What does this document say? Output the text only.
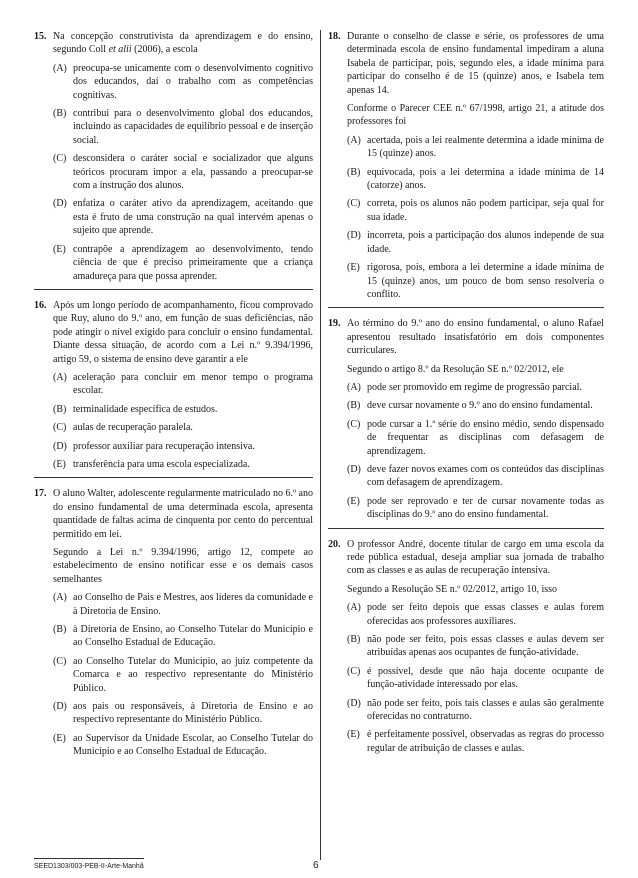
15. Na concepção construtivista da aprendizagem e do ensino, segundo Coll et alii (2006), a escola

(A) preocupa-se unicamente com o desenvolvimento cognitivo dos educandos, daí o trabalho com as competências cognitivas.
(B) contribui para o desenvolvimento global dos educandos, incluindo as capacidades de equilíbrio pessoal e de inserção social.
(C) desconsidera o caráter social e socializador que alguns teóricos procuram impor a ela, passando a preocupar-se com a instrução dos alunos.
(D) enfatiza o caráter ativo da aprendizagem, aceitando que esta é fruto de uma construção na qual intervém apenas o sujeito que aprende.
(E) contrapõe a aprendizagem ao desenvolvimento, tendo ciência de que é preciso primeiramente que a criança amadureça para que possa aprender.
16. Após um longo período de acompanhamento, ficou comprovado que Ruy, aluno do 9.º ano, em função de suas deficiências, não pode atingir o nível exigido para concluir o ensino fundamental. Diante dessa situação, de acordo com a Lei n.º 9.394/1996, artigo 59, o sistema de ensino deve garantir a ele

(A) aceleração para concluir em menor tempo o programa escolar.
(B) terminalidade específica de estudos.
(C) aulas de recuperação paralela.
(D) professor auxiliar para recuperação intensiva.
(E) transferência para uma escola especializada.
17. O aluno Walter, adolescente regularmente matriculado no 6.º ano do ensino fundamental de uma determinada escola, apresenta quantidade de faltas acima de cinquenta por cento do percentual permitido em lei.

Segundo a Lei n.º 9.394/1996, artigo 12, compete ao estabelecimento de ensino notificar esse e os demais casos semelhantes

(A) ao Conselho de Pais e Mestres, aos líderes da comunidade e à Diretoria de Ensino.
(B) à Diretoria de Ensino, ao Conselho Tutelar do Município e ao Conselho Estadual de Educação.
(C) ao Conselho Tutelar do Município, ao juiz competente da Comarca e ao respectivo representante do Ministério Público.
(D) aos pais ou responsáveis, à Diretoria de Ensino e ao respectivo representante do Ministério Público.
(E) ao Supervisor da Unidade Escolar, ao Conselho Tutelar do Município e ao Conselho Estadual de Educação.
18. Durante o conselho de classe e série, os professores de uma determinada escola de ensino fundamental impediram a aluna Isabela de participar, pois, segundo eles, a idade mínima para participar do conselho é de 15 (quinze) anos, e Isabela tem apenas 14.

Conforme o Parecer CEE n.º 67/1998, artigo 21, a atitude dos professores foi

(A) acertada, pois a lei realmente determina a idade mínima de 15 (quinze) anos.
(B) equivocada, pois a lei determina a idade mínima de 14 (catorze) anos.
(C) correta, pois os alunos não podem participar, seja qual for sua idade.
(D) incorreta, pois a participação dos alunos independe de sua idade.
(E) rigorosa, pois, embora a lei determine a idade mínima de 15 (quinze) anos, um pouco de bom senso resolveria o conflito.
19. Ao término do 9.º ano do ensino fundamental, o aluno Rafael apresentou resultado insatisfatório em dois componentes curriculares.

Segundo o artigo 8.º da Resolução SE n.º 02/2012, ele

(A) pode ser promovido em regime de progressão parcial.
(B) deve cursar novamente o 9.º ano do ensino fundamental.
(C) pode cursar a 1.ª série do ensino médio, sendo dispensado de frequentar as disciplinas com defasagem de aprendizagem.
(D) deve fazer novos exames com os conteúdos das disciplinas com defasagem de aprendizagem.
(E) pode ser reprovado e ter de cursar novamente todas as disciplinas do 9.º ano do ensino fundamental.
20. O professor André, docente titular de cargo em uma escola da rede pública estadual, deseja ampliar sua jornada de trabalho com as classes e as aulas de recuperação intensiva.

Segundo a Resolução SE n.º 02/2012, artigo 10, isso

(A) pode ser feito depois que essas classes e aulas forem oferecidas aos professores auxiliares.
(B) não pode ser feito, pois essas classes e aulas devem ser atribuídas apenas aos ocupantes de função-atividade.
(C) é possível, desde que não haja docente ocupante de função-atividade interessado por elas.
(D) não pode ser feito, pois tais classes e aulas são geralmente oferecidas no contraturno.
(E) é perfeitamente possível, observadas as regras do processo regular de atribuição de classes e aulas.
SEED1303/003-PEB-II-Arte-Manhã	6
